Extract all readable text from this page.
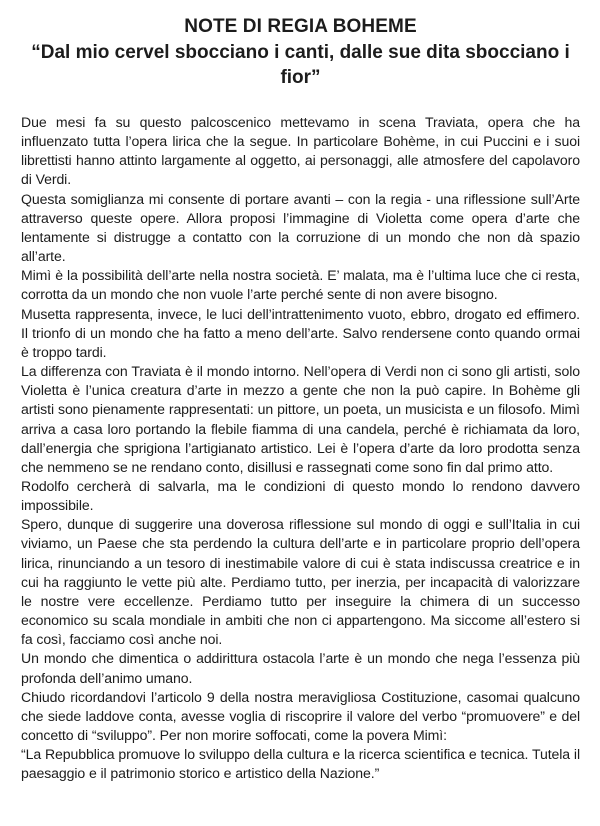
NOTE DI REGIA BOHEME
“Dal mio cervel sbocciano i canti, dalle sue dita sbocciano i fior”

Due mesi fa su questo palcoscenico mettevamo in scena Traviata, opera che ha influenzato tutta l’opera lirica che la segue. In particolare Bohème, in cui Puccini e i suoi librettisti hanno attinto largamente al oggetto, ai personaggi, alle atmosfere del capolavoro di Verdi.

Questa somiglianza mi consente di portare avanti – con la regia - una riflessione sull’Arte attraverso queste opere. Allora proposi l’immagine di Violetta come opera d’arte che lentamente si distrugge a contatto con la corruzione di un mondo che non dà spazio all’arte.

Mimì è la possibilità dell’arte nella nostra società. E’ malata, ma è l’ultima luce che ci resta, corrotta da un mondo che non vuole l’arte perché sente di non avere bisogno.

Musetta rappresenta, invece, le luci dell’intrattenimento vuoto, ebbro, drogato ed effimero. Il trionfo di un mondo che ha fatto a meno dell’arte. Salvo rendersene conto quando ormai è troppo tardi.

La differenza con Traviata è il mondo intorno. Nell’opera di Verdi non ci sono gli artisti, solo Violetta è l’unica creatura d’arte in mezzo a gente che non la può capire. In Bohème gli artisti sono pienamente rappresentati: un pittore, un poeta, un musicista e un filosofo. Mimì arriva a casa loro portando la flebile fiamma di una candela, perché è richiamata da loro, dall’energia che sprigiona l’artigianato artistico. Lei è l’opera d’arte da loro prodotta senza che nemmeno se ne rendano conto, disillusi e rassegnati come sono fin dal primo atto.

Rodolfo cercherà di salvarla, ma le condizioni di questo mondo lo rendono davvero impossibile.

Spero, dunque di suggerire una doverosa riflessione sul mondo di oggi e sull’Italia in cui viviamo, un Paese che sta perdendo la cultura dell’arte e in particolare proprio dell’opera lirica, rinunciando a un tesoro di inestimabile valore di cui è stata indiscussa creatrice e in cui ha raggiunto le vette più alte. Perdiamo tutto, per inerzia, per incapacità di valorizzare le nostre vere eccellenze. Perdiamo tutto per inseguire la chimera di un successo economico su scala mondiale in ambiti che non ci appartengono. Ma siccome all’estero si fa così, facciamo così anche noi.

Un mondo che dimentica o addirittura ostacola l’arte è un mondo che nega l’essenza più profonda dell’animo umano.

Chiudo ricordandovi l’articolo 9 della nostra meravigliosa Costituzione, casomai qualcuno che siede laddove conta, avesse voglia di riscoprire il valore del verbo “promuovere” e del concetto di “sviluppo”. Per non morire soffocati, come la povera Mimì:

“La Repubblica promuove lo sviluppo della cultura e la ricerca scientifica e tecnica. Tutela il paesaggio e il patrimonio storico e artistico della Nazione.”
